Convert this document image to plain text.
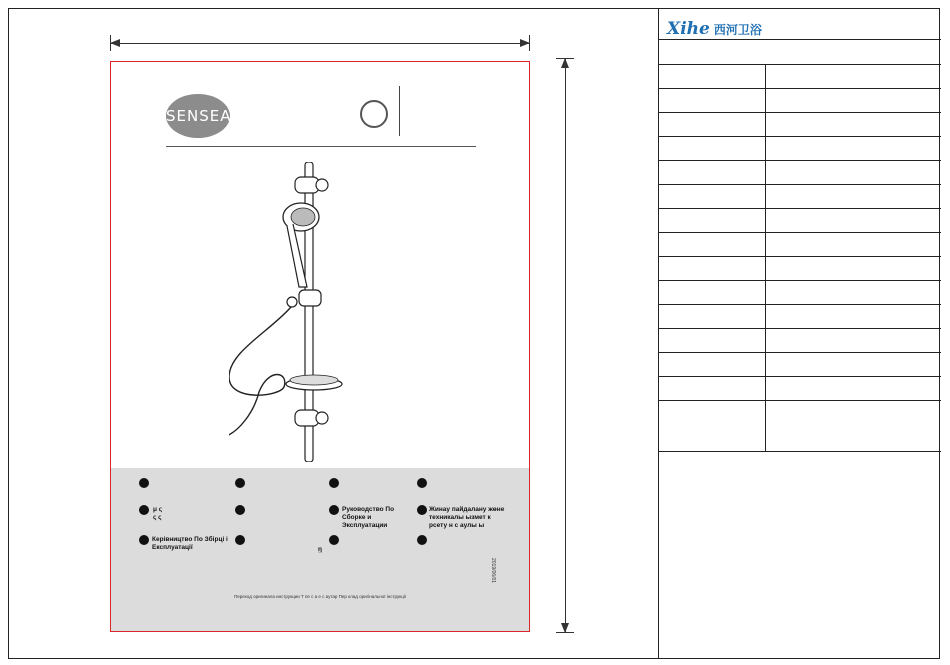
SENSEA
μ ς
ς ς
Руководство По Сборке и Эксплуатации
Жинау пайдалану жөне техникалы ызмет к рсету н с аулы ы
Керівництво По Збірці і Експлуатації	ῃ
2019/06/01
Переход оригинала инструкции Т пе с а е с аутар Пер клад оригінальної інструкції
Xihe 西河卫浴
